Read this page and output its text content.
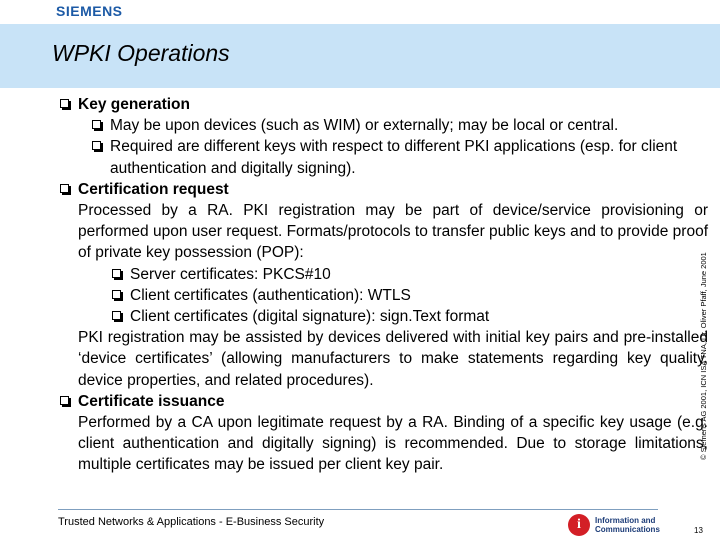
SIEMENS
WPKI Operations
Key generation
May be upon devices (such as WIM) or externally; may be local or central.
Required are different keys with respect to different PKI applications (esp. for client authentication and digitally signing).
Certification request
Processed by a RA. PKI registration may be part of device/service provisioning or performed upon user request. Formats/protocols to transfer public keys and to provide proof of private key possession (POP):
Server certificates: PKCS#10
Client certificates (authentication): WTLS
Client certificates (digital signature): sign.Text format
PKI registration may be assisted by devices delivered with initial key pairs and pre-installed ‘device certificates’ (allowing manufacturers to make statements regarding key quality, device properties, and related procedures).
Certificate issuance
Performed by a CA upon legitimate request by a RA. Binding of a specific key usage (e.g. client authentication and digitally signing) is recommended. Due to storage limitations, multiple certificates may be issued per client key pair.
© Siemens AG 2001, ICN ISA TNA, Dr. Oliver Pfaff, June 2001
Trusted Networks & Applications - E-Business Security	i Information and
Communications	13
